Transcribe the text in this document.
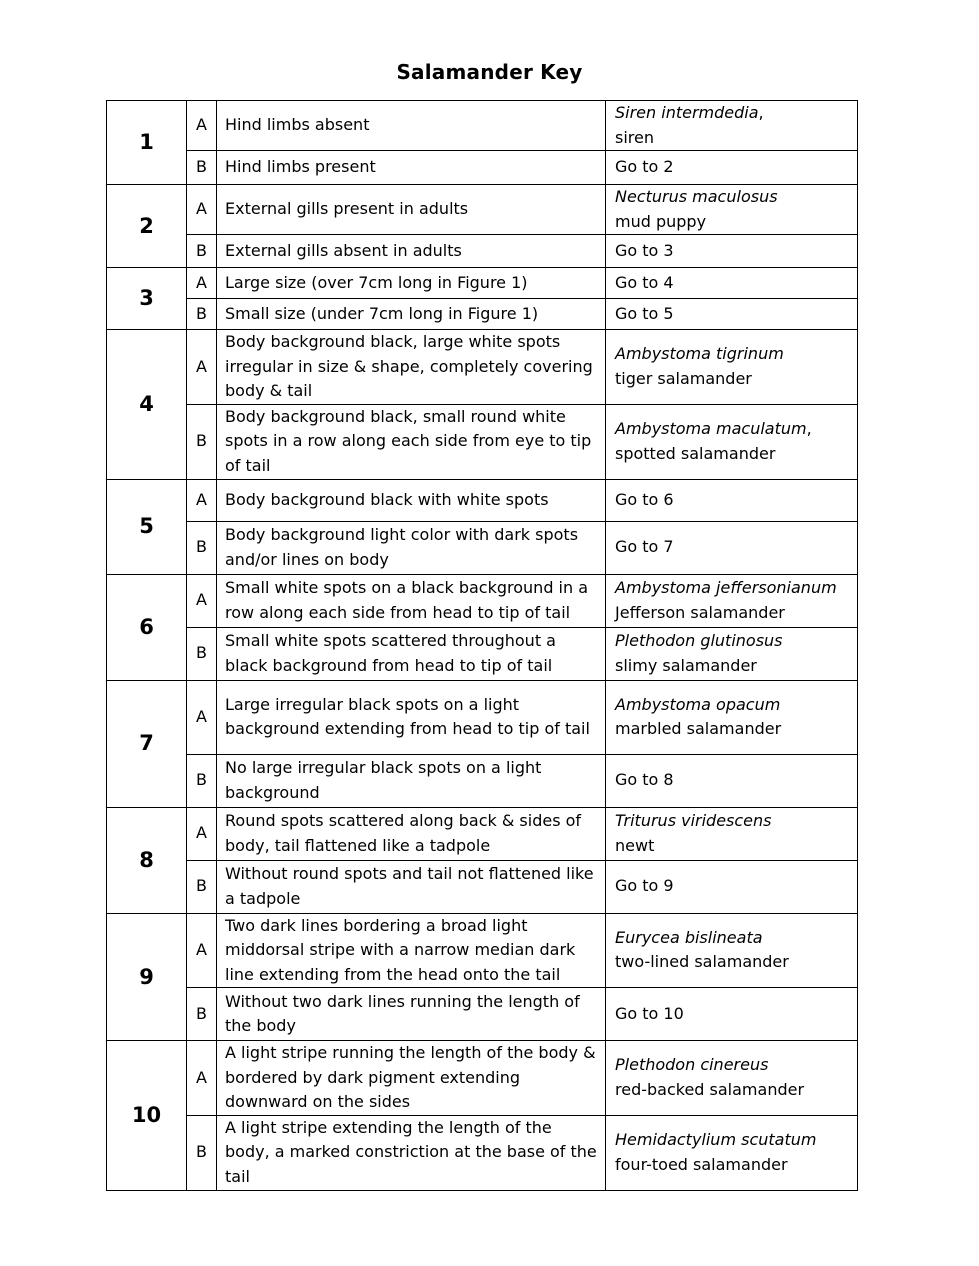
Salamander Key
1	A	Hind limbs absent	Siren intermdedia,
siren
	B	Hind limbs present	Go to 2
2	A	External gills present in adults	Necturus maculosus
mud puppy
	B	External gills absent in adults	Go to 3
3	A	Large size (over 7cm long in Figure 1)	Go to 4
	B	Small size (under 7cm long in Figure 1)	Go to 5
4	A	Body background black, large white spots irregular in size & shape, completely covering body & tail	Ambystoma tigrinum
tiger salamander
	B	Body background black, small round white spots in a row along each side from eye to tip of tail	Ambystoma maculatum,
spotted salamander
5	A	Body background black with white spots	Go to 6
	B	Body background light color with dark spots and/or lines on body	Go to 7
6	A	Small white spots on a black background in a row along each side from head to tip of tail	Ambystoma jeffersonianum
Jefferson salamander
	B	Small white spots scattered throughout a black background from head to tip of tail	Plethodon glutinosus
slimy salamander
7	A	Large irregular black spots on a light background extending from head to tip of tail	Ambystoma opacum
marbled salamander
	B	No large irregular black spots on a light background	Go to 8
8	A	Round spots scattered along back & sides of body, tail flattened like a tadpole	Triturus viridescens
newt
	B	Without round spots and tail not flattened like a tadpole	Go to 9
9	A	Two dark lines bordering a broad light middorsal stripe with a narrow median dark line extending from the head onto the tail	Eurycea bislineata
two-lined salamander
	B	Without two dark lines running the length of the body	Go to 10
10	A	A light stripe running the length of the body & bordered by dark pigment extending downward on the sides	Plethodon cinereus
red-backed salamander
	B	A light stripe extending the length of the body, a marked constriction at the base of the tail	Hemidactylium scutatum
four-toed salamander
